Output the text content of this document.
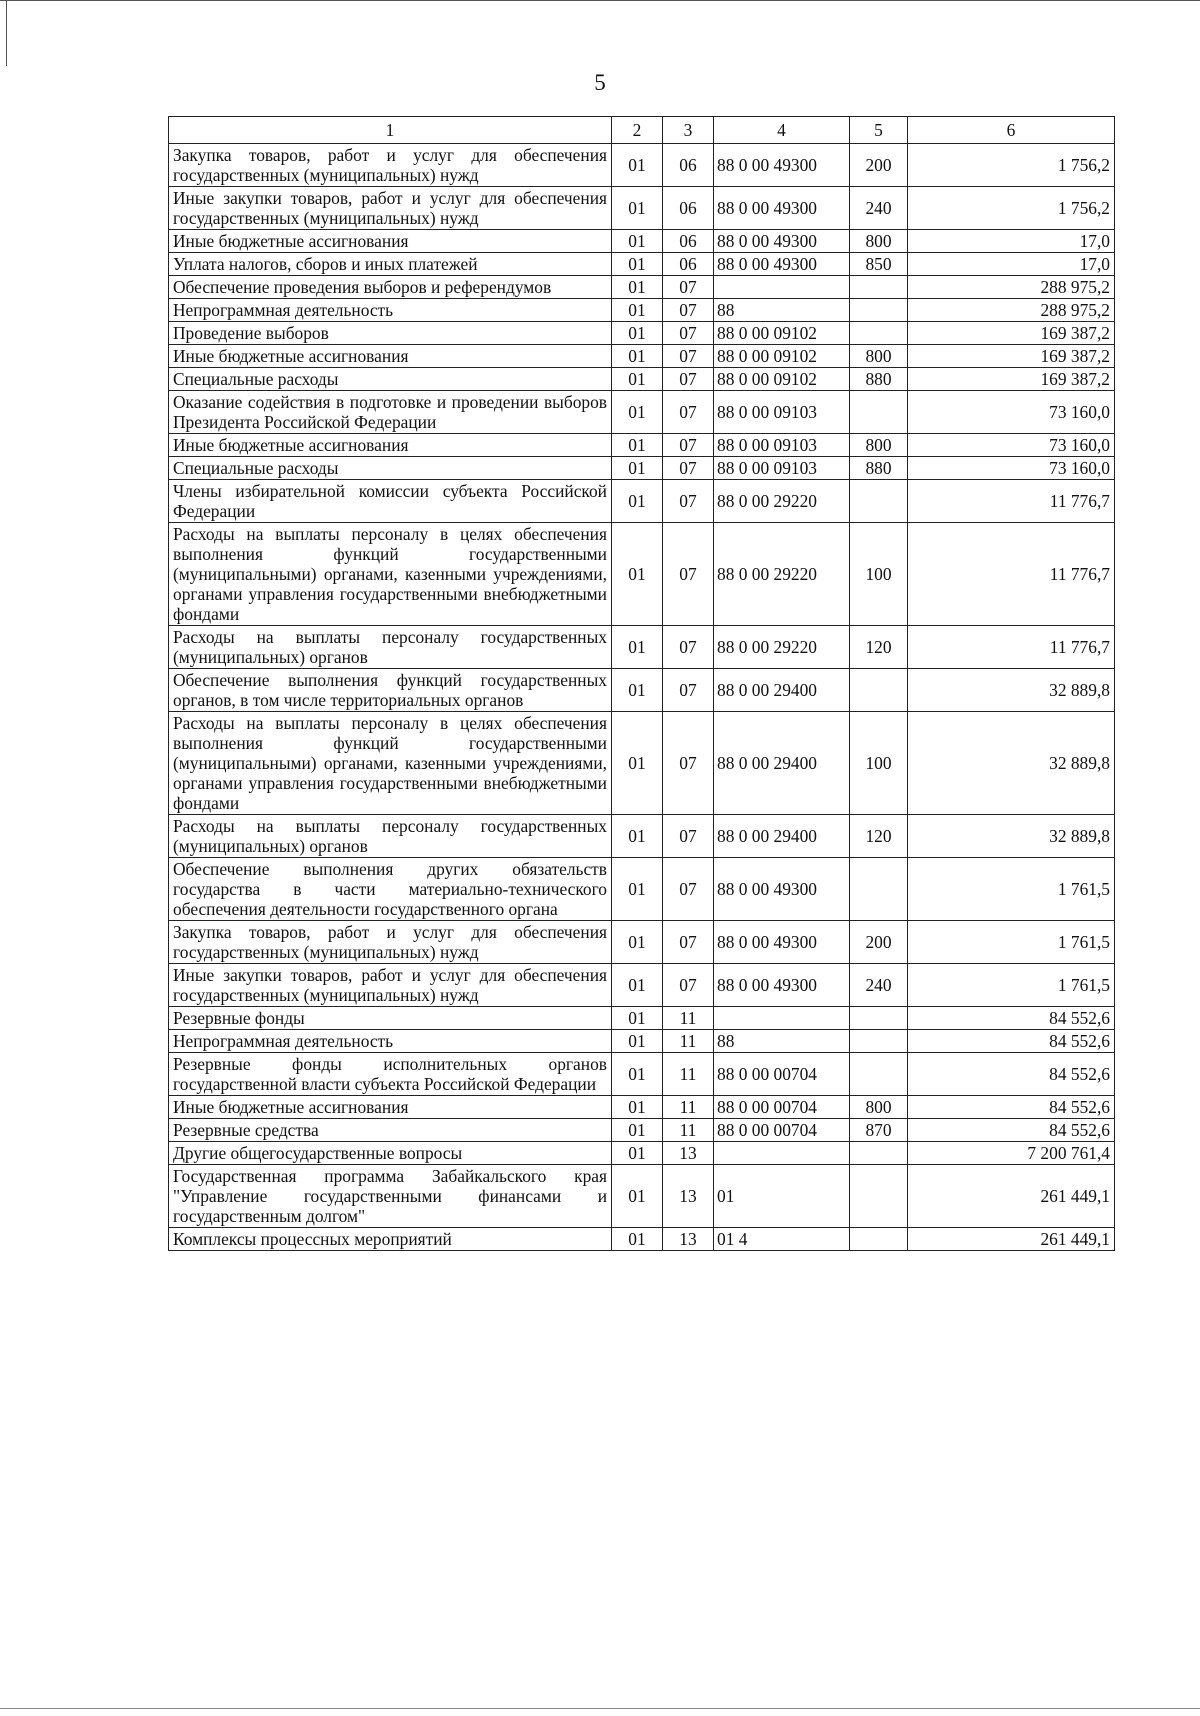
5
1	2	3	4	5	6
Закупка товаров, работ и услуг для обеспечения государственных (муниципальных) нужд	01	06	88 0 00 49300	200	1 756,2
Иные закупки товаров, работ и услуг для обеспечения государственных (муниципальных) нужд	01	06	88 0 00 49300	240	1 756,2
Иные бюджетные ассигнования	01	06	88 0 00 49300	800	17,0
Уплата налогов, сборов и иных платежей	01	06	88 0 00 49300	850	17,0
Обеспечение проведения выборов и референдумов	01	07			288 975,2
Непрограммная деятельность	01	07	88		288 975,2
Проведение выборов	01	07	88 0 00 09102		169 387,2
Иные бюджетные ассигнования	01	07	88 0 00 09102	800	169 387,2
Специальные расходы	01	07	88 0 00 09102	880	169 387,2
Оказание содействия в подготовке и проведении выборов Президента Российской Федерации	01	07	88 0 00 09103		73 160,0
Иные бюджетные ассигнования	01	07	88 0 00 09103	800	73 160,0
Специальные расходы	01	07	88 0 00 09103	880	73 160,0
Члены избирательной комиссии субъекта Российской Федерации	01	07	88 0 00 29220		11 776,7
Расходы на выплаты персоналу в целях обеспечения выполнения функций государственными (муниципальными) органами, казенными учреждениями, органами управления государственными внебюджетными фондами	01	07	88 0 00 29220	100	11 776,7
Расходы на выплаты персоналу государственных (муниципальных) органов	01	07	88 0 00 29220	120	11 776,7
Обеспечение выполнения функций государственных органов, в том числе территориальных органов	01	07	88 0 00 29400		32 889,8
Расходы на выплаты персоналу в целях обеспечения выполнения функций государственными (муниципальными) органами, казенными учреждениями, органами управления государственными внебюджетными фондами	01	07	88 0 00 29400	100	32 889,8
Расходы на выплаты персоналу государственных (муниципальных) органов	01	07	88 0 00 29400	120	32 889,8
Обеспечение выполнения других обязательств государства в части материально-технического обеспечения деятельности государственного органа	01	07	88 0 00 49300		1 761,5
Закупка товаров, работ и услуг для обеспечения государственных (муниципальных) нужд	01	07	88 0 00 49300	200	1 761,5
Иные закупки товаров, работ и услуг для обеспечения государственных (муниципальных) нужд	01	07	88 0 00 49300	240	1 761,5
Резервные фонды	01	11			84 552,6
Непрограммная деятельность	01	11	88		84 552,6
Резервные фонды исполнительных органов государственной власти субъекта Российской Федерации	01	11	88 0 00 00704		84 552,6
Иные бюджетные ассигнования	01	11	88 0 00 00704	800	84 552,6
Резервные средства	01	11	88 0 00 00704	870	84 552,6
Другие общегосударственные вопросы	01	13			7 200 761,4
Государственная программа Забайкальского края "Управление государственными финансами и государственным долгом"	01	13	01		261 449,1
Комплексы процессных мероприятий	01	13	01 4		261 449,1
